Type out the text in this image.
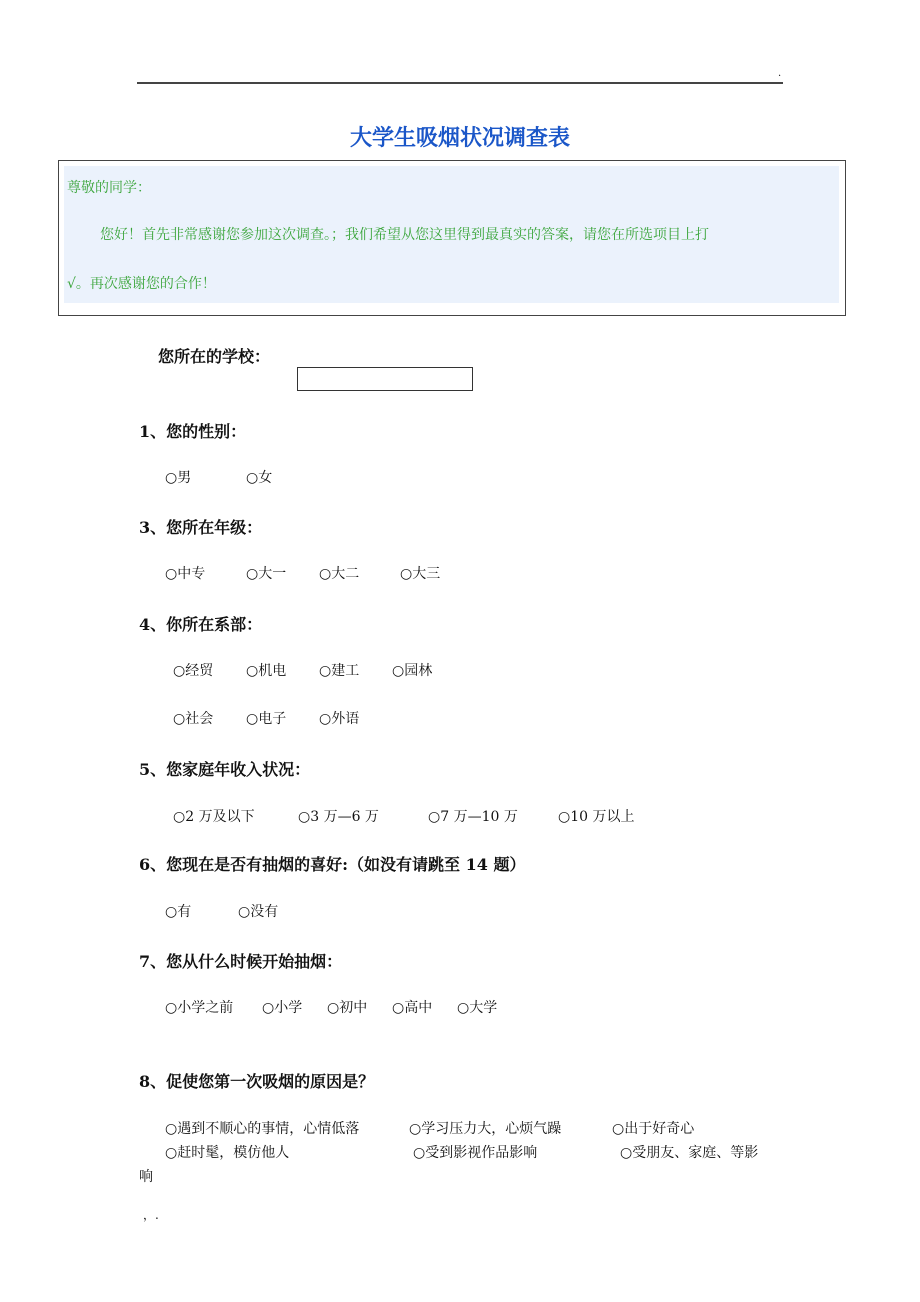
.
大学生吸烟状况调查表
尊敬的同学：
您好！首先非常感谢您参加这次调查。；我们希望从您这里得到最真实的答案，请您在所选项目上打
√。再次感谢您的合作！
您所在的学校：
1、您的性别：
○男	○女
3、您所在年级：
○中专	○大一 ○大二	○大三
4、你所在系部：
○经贸 ○机电 ○建工 ○园林
○社会 ○电子 ○外语
5、您家庭年收入状况：
○2 万及以下	○3 万—6 万	○7 万—10 万	○10 万以上
6、您现在是否有抽烟的喜好:（如没有请跳至 14 题）
○有	○没有
7、您从什么时候开始抽烟：
○小学之前 ○小学 ○初中 ○高中 ○大学
8、促使您第一次吸烟的原因是？
○遇到不顺心的事情，心情低落	○学习压力大，心烦气躁	○出于好奇心
○赶时髦，模仿他人	○受到影视作品影响	○受朋友、家庭、等影
响
，.
